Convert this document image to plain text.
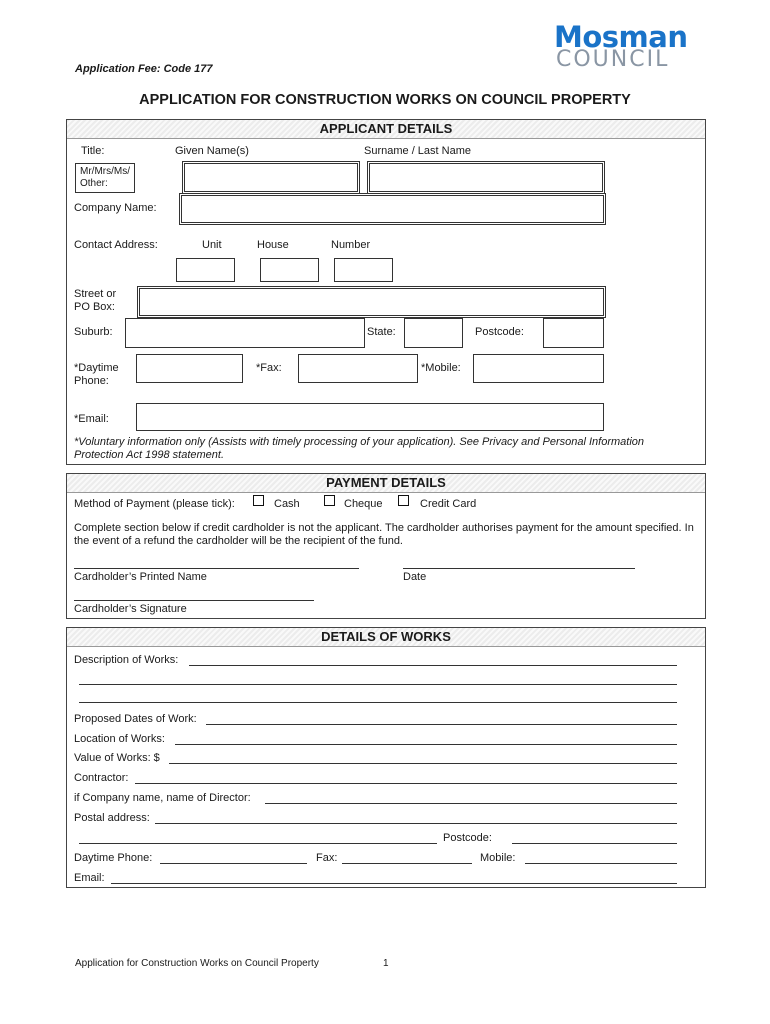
Application Fee: Code 177
Mosman
COUNCIL
APPLICATION FOR CONSTRUCTION WORKS ON COUNCIL PROPERTY
APPLICANT DETAILS
Title:	Given Name(s)	Surname / Last Name
Mr/Mrs/Ms/ Other:
Company Name:
Contact Address:	Unit	House	Number
Street or PO Box:
Suburb:	State:	Postcode:
*Daytime Phone:
*Fax:	*Mobile:
*Email:
*Voluntary information only (Assists with timely processing of your application). See Privacy and Personal Information Protection Act 1998 statement.
PAYMENT DETAILS
Method of Payment (please tick):	Cash	Cheque	Credit Card
Complete section below if credit cardholder is not the applicant. The cardholder authorises payment for the amount specified. In the event of a refund the cardholder will be the recipient of the fund.
Cardholder’s Printed Name	Date
Cardholder’s Signature
DETAILS OF WORKS
Description of Works:
Proposed Dates of Work:
Location of Works:
Value of Works: $
Contractor:
if Company name, name of Director:
Postal address:
Postcode:
Daytime Phone:	Fax:	Mobile:
Email:
Application for Construction Works on Council Property	1
